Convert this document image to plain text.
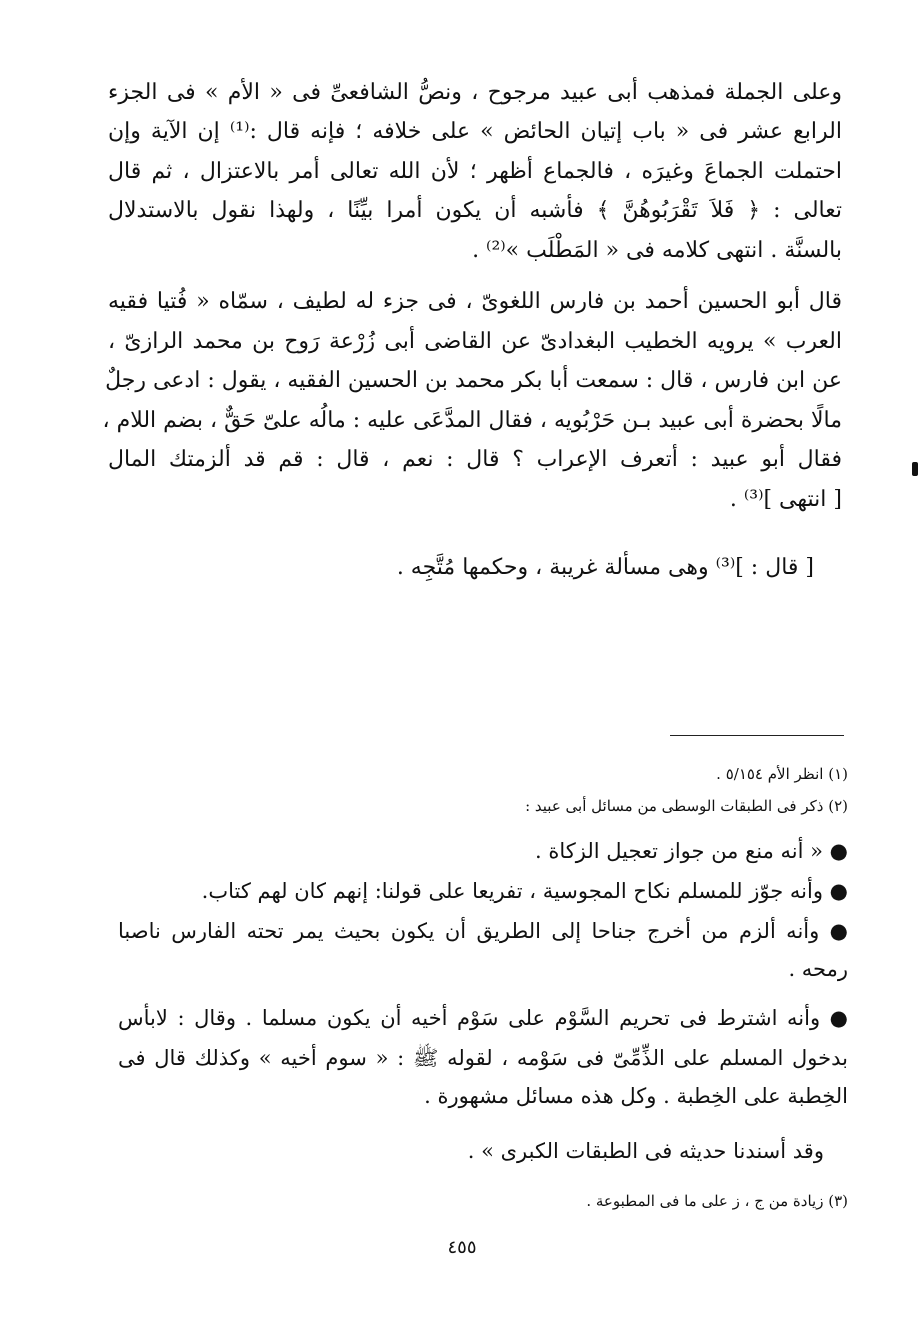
وعلى الجملة فمذهب أبى عبيد مرجوح ، ونصُّ الشافعىِّ فى « الأم » فى الجزء
الرابع عشر فى « باب إتيان الحائض » على خلافه ؛ فإنه قال :⁽¹⁾ إن الآية وإن
احتملت الجماعَ وغيرَه ، فالجماع أظهر ؛ لأن الله تعالى أمر بالاعتزال ، ثم قال
تعالى : ﴿ فَلاَ تَقْرَبُوهُنَّ ﴾ فأشبه أن يكون أمرا بيِّنًا ، ولهذا نقول بالاستدلال
بالسنَّة . انتهى كلامه فى « المَطْلَب »⁽²⁾ .
قال أبو الحسين أحمد بن فارس اللغوىّ ، فى جزء له لطيف ، سمّاه « فُتيا فقيه
العرب » يرويه الخطيب البغدادىّ عن القاضى أبى زُرْعة رَوح بن محمد الرازىّ ،
عن ابن فارس ، قال : سمعت أبا بكر محمد بن الحسين الفقيه ، يقول : ادعى رجلٌ
مالًا بحضرة أبى عبيد بـن حَرْبُويه ، فقال المدَّعَى عليه : مالُه علىّ حَقٌّ ، بضم اللام ،
فقال أبو عبيد : أتعرف الإعراب ؟ قال : نعم ، قال : قم قد ألزمتك المال
[ انتهى ]⁽³⁾ .
[ قال : ]⁽³⁾ وهى مسألة غريبة ، وحكمها مُتَّجِه .
(١) انظر الأم ٥/١٥٤ .
(٢) ذكر فى الطبقات الوسطى من مسائل أبى عبيد :
● « أنه منع من جواز تعجيل الزكاة .
● وأنه جوّز للمسلم نكاح المجوسية ، تفريعا على قولنا: إنهم كان لهم كتاب.
● وأنه ألزم من أخرج جناحا إلى الطريق أن يكون بحيث يمر تحته الفارس ناصبا
رمحه .
● وأنه اشترط فى تحريم السَّوْم على سَوْم أخيه أن يكون مسلما . وقال : لابأس
بدخول المسلم على الذِّمِّىّ فى سَوْمه ، لقوله ﷺ : « سوم أخيه » وكذلك قال فى
الخِطبة على الخِطبة . وكل هذه مسائل مشهورة .
وقد أسندنا حديثه فى الطبقات الكبرى » .
(٣) زيادة من ج ، ز على ما فى المطبوعة .
٤٥٥
